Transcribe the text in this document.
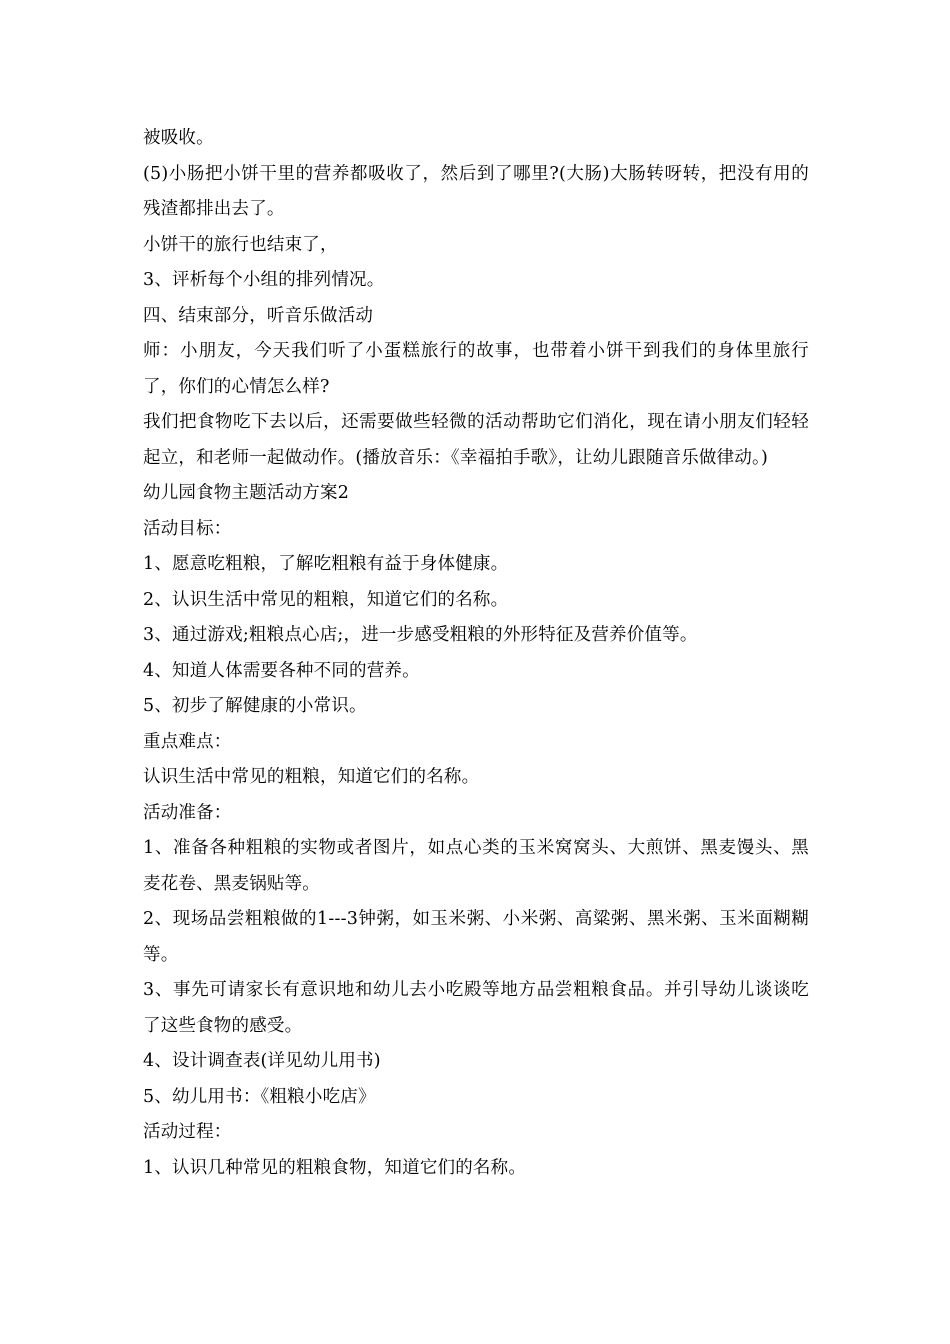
被吸收。

(5)小肠把小饼干里的营养都吸收了，然后到了哪里?(大肠)大肠转呀转，把没有用的残渣都排出去了。

小饼干的旅行也结束了，

3、评析每个小组的排列情况。

四、结束部分，听音乐做活动

师：小朋友，今天我们听了小蛋糕旅行的故事，也带着小饼干到我们的身体里旅行了，你们的心情怎么样?

我们把食物吃下去以后，还需要做些轻微的活动帮助它们消化，现在请小朋友们轻轻起立，和老师一起做动作。(播放音乐：《幸福拍手歌》，让幼儿跟随音乐做律动。)

幼儿园食物主题活动方案2

活动目标：

1、愿意吃粗粮，了解吃粗粮有益于身体健康。

2、认识生活中常见的粗粮，知道它们的名称。

3、通过游戏;粗粮点心店;，进一步感受粗粮的外形特征及营养价值等。

4、知道人体需要各种不同的营养。

5、初步了解健康的小常识。

重点难点：

认识生活中常见的粗粮，知道它们的名称。

活动准备：

1、准备各种粗粮的实物或者图片，如点心类的玉米窝窝头、大煎饼、黑麦馒头、黑麦花卷、黑麦锅贴等。

2、现场品尝粗粮做的1---3钟粥，如玉米粥、小米粥、高粱粥、黑米粥、玉米面糊糊等。

3、事先可请家长有意识地和幼儿去小吃殿等地方品尝粗粮食品。并引导幼儿谈谈吃了这些食物的感受。

4、设计调查表(详见幼儿用书)

5、幼儿用书：《粗粮小吃店》

活动过程：

1、认识几种常见的粗粮食物，知道它们的名称。
